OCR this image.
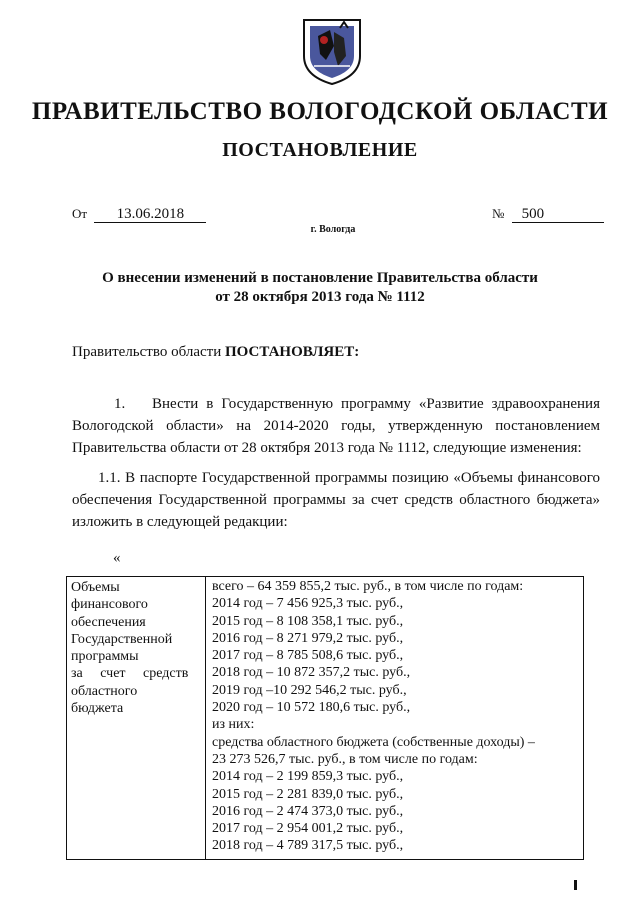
ПРАВИТЕЛЬСТВО ВОЛОГОДСКОЙ ОБЛАСТИ
ПОСТАНОВЛЕНИЕ
От 13.06.2018	№ 500
г. Вологда
О внесении изменений в постановление Правительства области
от 28 октября 2013 года № 1112
Правительство области ПОСТАНОВЛЯЕТ:
1. Внести в Государственную программу «Развитие здравоохранения Вологодской области» на 2014-2020 годы, утвержденную постановлением Правительства области от 28 октября 2013 года № 1112, следующие изменения:
1.1. В паспорте Государственной программы позицию «Объемы финансового обеспечения Государственной программы за счет средств областного бюджета» изложить в следующей редакции:
«
Объемы
финансового
обеспечения
Государственной
программы
за счет средств
областного
бюджета
всего – 64 359 855,2 тыс. руб., в том числе по годам:
2014 год – 7 456 925,3 тыс. руб.,
2015 год – 8 108 358,1 тыс. руб.,
2016 год – 8 271 979,2 тыс. руб.,
2017 год – 8 785 508,6 тыс. руб.,
2018 год – 10 872 357,2 тыс. руб.,
2019 год –10 292 546,2 тыс. руб.,
2020 год – 10 572 180,6 тыс. руб.,
из них:
средства областного бюджета (собственные доходы) –
23 273 526,7 тыс. руб., в том числе по годам:
2014 год – 2 199 859,3 тыс. руб.,
2015 год – 2 281 839,0 тыс. руб.,
2016 год – 2 474 373,0 тыс. руб.,
2017 год – 2 954 001,2 тыс. руб.,
2018 год – 4 789 317,5 тыс. руб.,
